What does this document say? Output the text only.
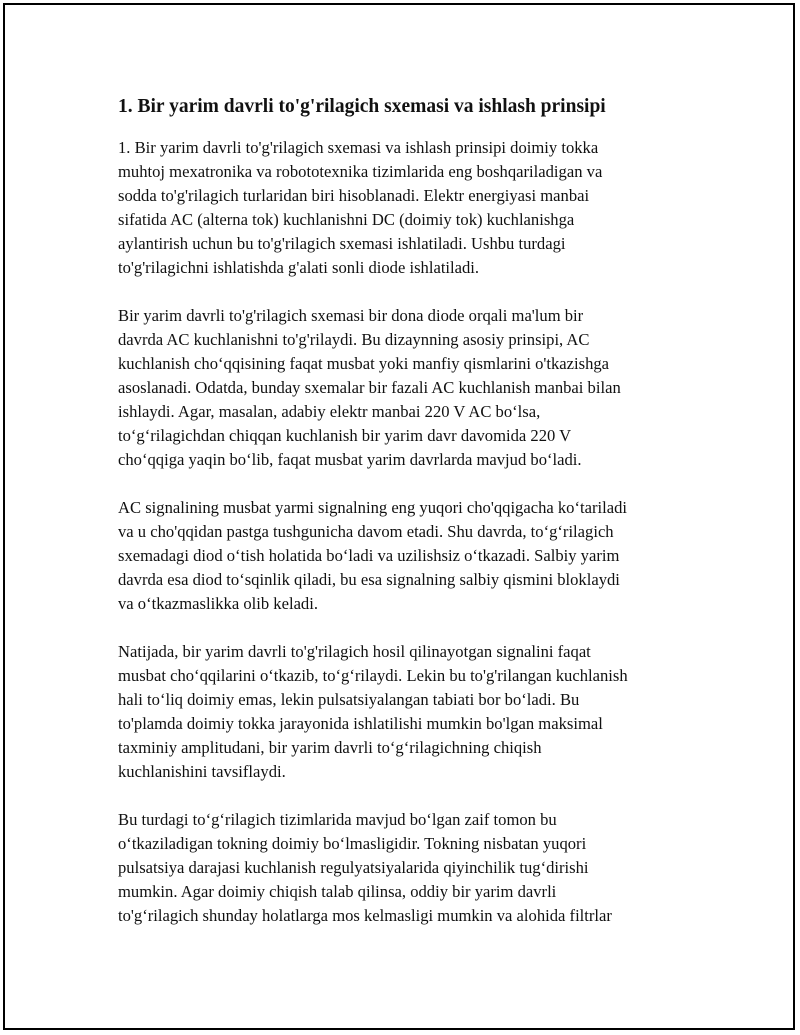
1. Bir yarim davrli to'g'rilagich sxemasi va ishlash prinsipi

1. Bir yarim davrli to'g'rilagich sxemasi va ishlash prinsipi doimiy tokka
muhtoj mexatronika va robototexnika tizimlarida eng boshqariladigan va
sodda to'g'rilagich turlaridan biri hisoblanadi. Elektr energiyasi manbai
sifatida AC (alterna tok) kuchlanishni DC (doimiy tok) kuchlanishga
aylantirish uchun bu to'g'rilagich sxemasi ishlatiladi. Ushbu turdagi
to'g'rilagichni ishlatishda g'alati sonli diode ishlatiladi.

Bir yarim davrli to'g'rilagich sxemasi bir dona diode orqali ma'lum bir
davrda AC kuchlanishni to'g'rilaydi. Bu dizaynning asosiy prinsipi, AC
kuchlanish cho‘qqisining faqat musbat yoki manfiy qismlarini o'tkazishga
asoslanadi. Odatda, bunday sxemalar bir fazali AC kuchlanish manbai bilan
ishlaydi. Agar, masalan, adabiy elektr manbai 220 V AC bo‘lsa,
to‘g‘rilagichdan chiqqan kuchlanish bir yarim davr davomida 220 V
cho‘qqiga yaqin bo‘lib, faqat musbat yarim davrlarda mavjud bo‘ladi.

AC signalining musbat yarmi signalning eng yuqori cho'qqigacha ko‘tariladi
va u cho'qqidan pastga tushgunicha davom etadi. Shu davrda, to‘g‘rilagich
sxemadagi diod o‘tish holatida bo‘ladi va uzilishsiz o‘tkazadi. Salbiy yarim
davrda esa diod to‘sqinlik qiladi, bu esa signalning salbiy qismini bloklaydi
va o‘tkazmaslikka olib keladi.

Natijada, bir yarim davrli to'g'rilagich hosil qilinayotgan signalini faqat
musbat cho‘qqilarini o‘tkazib, to‘g‘rilaydi. Lekin bu to'g'rilangan kuchlanish
hali to‘liq doimiy emas, lekin pulsatsiyalangan tabiati bor bo‘ladi. Bu
to'plamda doimiy tokka jarayonida ishlatilishi mumkin bo'lgan maksimal
taxminiy amplitudani, bir yarim davrli to‘g‘rilagichning chiqish
kuchlanishini tavsiflaydi.

Bu turdagi to‘g‘rilagich tizimlarida mavjud bo‘lgan zaif tomon bu
o‘tkaziladigan tokning doimiy bo‘lmasligidir. Tokning nisbatan yuqori
pulsatsiya darajasi kuchlanish regulyatsiyalarida qiyinchilik tug‘dirishi
mumkin. Agar doimiy chiqish talab qilinsa, oddiy bir yarim davrli
to'g‘rilagich shunday holatlarga mos kelmasligi mumkin va alohida filtrlar
